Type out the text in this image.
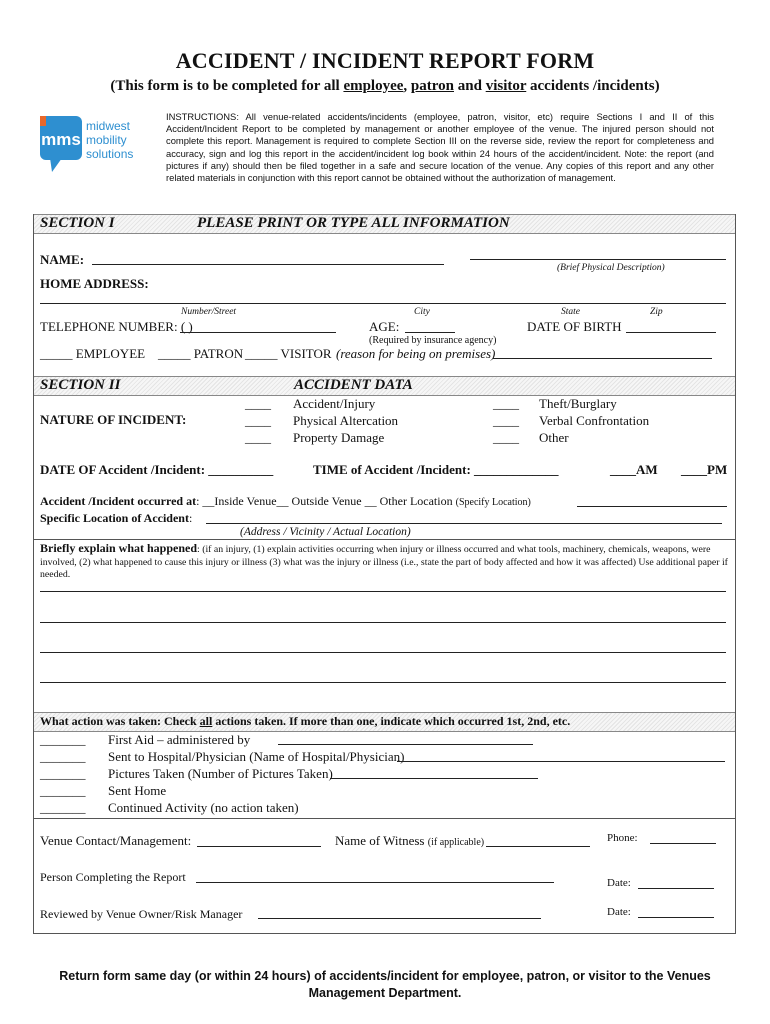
ACCIDENT / INCIDENT REPORT FORM
(This form is to be completed for all employee, patron and visitor accidents /incidents)
mms
midwest
mobility
solutions
INSTRUCTIONS: All venue-related accidents/incidents (employee, patron, visitor, etc) require Sections I and II of this Accident/Incident Report to be completed by management or another employee of the venue. The injured person should not complete this report. Management is required to complete Section III on the reverse side, review the report for completeness and accuracy, sign and log this report in the accident/incident log book within 24 hours of the accident/incident. Note: the report (and pictures if any) should then be filed together in a safe and secure location of the venue. Any copies of this report and any other related materials in conjunction with this report cannot be obtained without the authorization of management.
SECTION I	PLEASE PRINT OR TYPE ALL INFORMATION
NAME:
(Brief Physical Description)
HOME ADDRESS:
Number/Street	City	State	Zip
TELEPHONE NUMBER: ( )	AGE:	DATE OF BIRTH
(Required by insurance agency)
_____ EMPLOYEE _____ PATRON _____ VISITOR (reason for being on premises)
SECTION II	ACCIDENT DATA
NATURE OF INCIDENT:
____ Accident/Injury
____ Physical Altercation
____ Property Damage
____ Theft/Burglary
____ Verbal Confrontation
____ Other
DATE OF Accident /Incident: __________	TIME of Accident /Incident: _____________	____AM ____PM
Accident /Incident occurred at: __Inside Venue__ Outside Venue __ Other Location (Specify Location)
Specific Location of Accident:
(Address / Vicinity / Actual Location)
Briefly explain what happened: (if an injury, (1) explain activities occurring when injury or illness occurred and what tools, machinery, chemicals, weapons, were involved, (2) what happened to cause this injury or illness (3) what was the injury or illness (i.e., state the part of body affected and how it was affected) Use additional paper if needed.
What action was taken: Check all actions taken. If more than one, indicate which occurred 1st, 2nd, etc.
_______ First Aid – administered by
_______ Sent to Hospital/Physician (Name of Hospital/Physician)
_______ Pictures Taken (Number of Pictures Taken)
_______ Sent Home
_______ Continued Activity (no action taken)
Venue Contact/Management:	Name of Witness (if applicable)	Phone:
Person Completing the Report	Date:
Reviewed by Venue Owner/Risk Manager	Date:
Return form same day (or within 24 hours) of accidents/incident for employee, patron, or visitor to the Venues Management Department.
